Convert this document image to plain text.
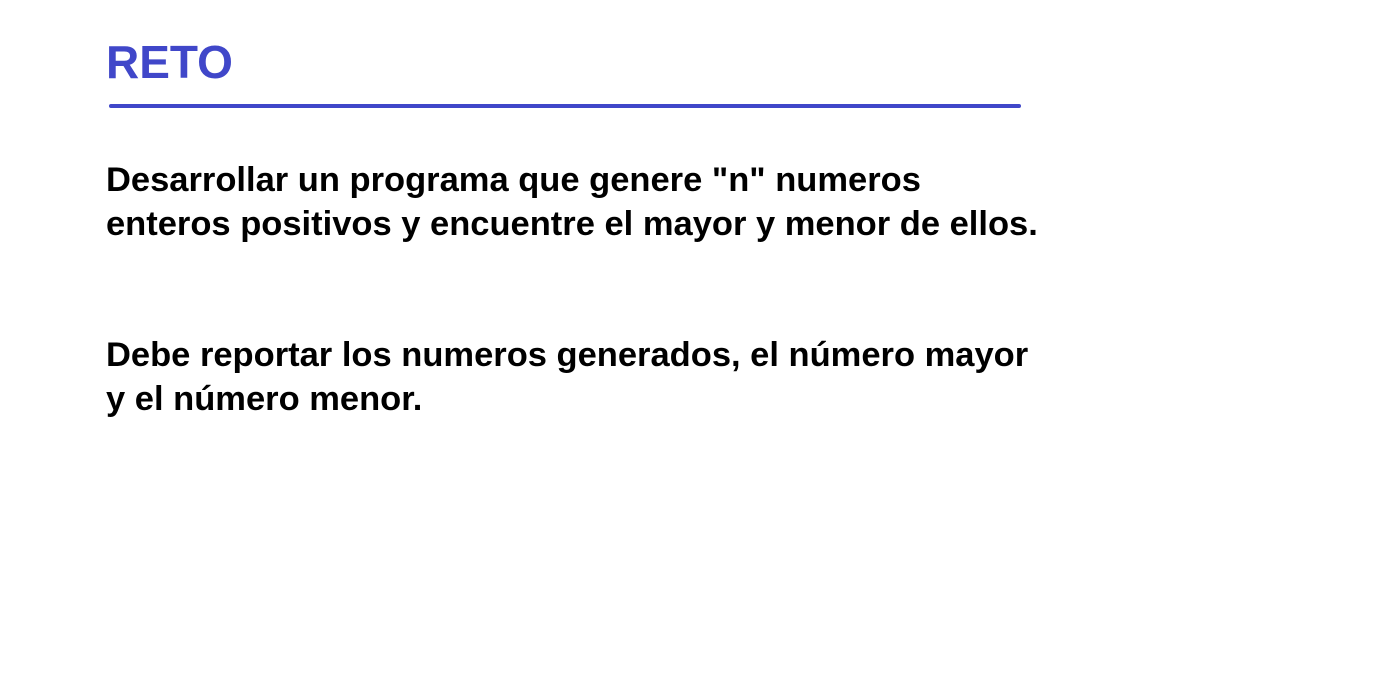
RETO

Desarrollar un programa que genere "n" numeros enteros positivos y encuentre el mayor y menor de ellos.

Debe reportar los numeros generados, el número mayor y el número menor.
